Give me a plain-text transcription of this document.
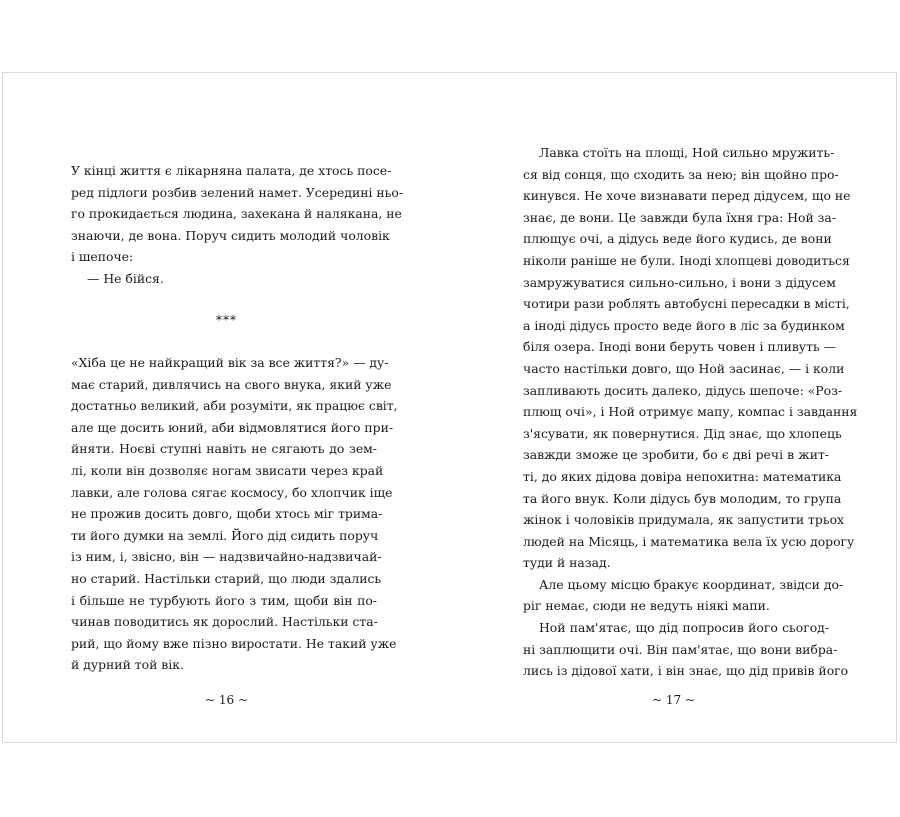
У кінці життя є лікарняна палата, де хтось посе-
ред підлоги розбив зелений намет. Усередині ньо-
го прокидається людина, захекана й налякана, не
знаючи, де вона. Поруч сидить молодий чоловік
і шепоче:
— Не бійся.
***
«Хіба це не найкращий вік за все життя?» — ду-
має старий, дивлячись на свого внука, який уже
достатньо великий, аби розуміти, як працює світ,
але ще досить юний, аби відмовлятися його при-
йняти. Ноєві ступні навіть не сягають до зем-
лі, коли він дозволяє ногам звисати через край
лавки, але голова сягає космосу, бо хлопчик іще
не прожив досить довго, щоби хтось міг трима-
ти його думки на землі. Його дід сидить поруч
із ним, і, звісно, він — надзвичайно-надзвичай-
но старий. Настільки старий, що люди здались
і більше не турбують його з тим, щоби він по-
чинав поводитись як дорослий. Настільки ста-
рий, що йому вже пізно виростати. Не такий уже
й дурний той вік.
~ 16 ~
Лавка стоїть на площі, Ной сильно мружить-
ся від сонця, що сходить за нею; він щойно про-
кинувся. Не хоче визнавати перед дідусем, що не
знає, де вони. Це завжди була їхня гра: Ной за-
плющує очі, а дідусь веде його кудись, де вони
ніколи раніше не були. Іноді хлопцеві доводиться
замружуватися сильно-сильно, і вони з дідусем
чотири рази роблять автобусні пересадки в місті,
а іноді дідусь просто веде його в ліс за будинком
біля озера. Іноді вони беруть човен і пливуть —
часто настільки довго, що Ной засинає, — і коли
запливають досить далеко, дідусь шепоче: «Роз-
плющ очі», і Ной отримує мапу, компас і завдання
з'ясувати, як повернутися. Дід знає, що хлопець
завжди зможе це зробити, бо є дві речі в жит-
ті, до яких дідова довіра непохитна: математика
та його внук. Коли дідусь був молодим, то група
жінок і чоловіків придумала, як запустити трьох
людей на Місяць, і математика вела їх усю дорогу
туди й назад.
Але цьому місцю бракує координат, звідси до-
ріг немає, сюди не ведуть ніякі мапи.
Ной пам'ятає, що дід попросив його сьогод-
ні заплющити очі. Він пам'ятає, що вони вибра-
лись із дідової хати, і він знає, що дід привів його
~ 17 ~
